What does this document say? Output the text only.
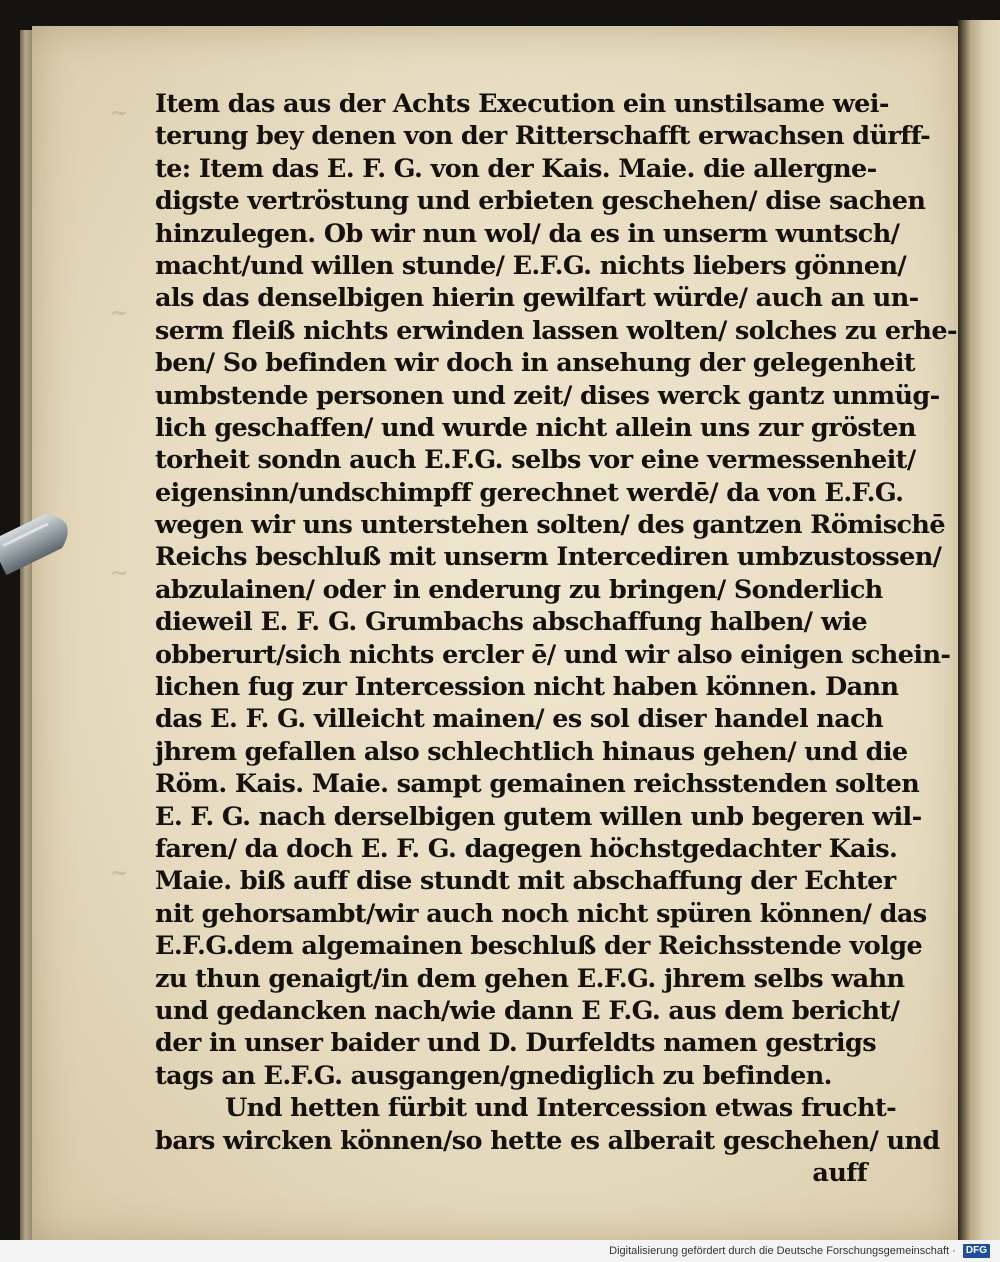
~
~
~
~
Item das aus der Achts Execution ein unstilsame wei-
terung bey denen von der Ritterschafft erwachsen dürff-
te: Item das E. F. G. von der Kais. Maie. die allergne-
digste vertröstung und erbieten geschehen/ dise sachen
hinzulegen. Ob wir nun wol/ da es in unserm wuntsch/
macht/und willen stunde/ E.F.G. nichts liebers gönnen/
als das denselbigen hierin gewilfart würde/ auch an un-
serm fleiß nichts erwinden lassen wolten/ solches zu erhe-
ben/ So befinden wir doch in ansehung der gelegenheit
umbstende personen und zeit/ dises werck gantz unmüg-
lich geschaffen/ und wurde nicht allein uns zur grösten
torheit sondn auch E.F.G. selbs vor eine vermessenheit/
eigensinn/undschimpff gerechnet werdē/ da von E.F.G.
wegen wir uns unterstehen solten/ des gantzen Römischē
Reichs beschluß mit unserm Intercediren umbzustossen/
abzulainen/ oder in enderung zu bringen/ Sonderlich
dieweil E. F. G. Grumbachs abschaffung halben/ wie
obberurt/sich nichts ercler ē/ und wir also einigen schein-
lichen fug zur Intercession nicht haben können. Dann
das E. F. G. villeicht mainen/ es sol diser handel nach
jhrem gefallen also schlechtlich hinaus gehen/ und die
Röm. Kais. Maie. sampt gemainen reichsstenden solten
E. F. G. nach derselbigen gutem willen unb begeren wil-
faren/ da doch E. F. G. dagegen höchstgedachter Kais.
Maie. biß auff dise stundt mit abschaffung der Echter
nit gehorsambt/wir auch noch nicht spüren können/ das
E.F.G.dem algemainen beschluß der Reichsstende volge
zu thun genaigt/in dem gehen E.F.G. jhrem selbs wahn
und gedancken nach/wie dann E F.G. aus dem bericht/
der in unser baider und D. Durfeldts namen gestrigs
tags an E.F.G. ausgangen/gnediglich zu befinden.
Und hetten fürbit und Intercession etwas frucht-
bars wircken können/so hette es alberait geschehen/ und
auff
Digitalisierung gefördert durch die Deutsche Forschungsgemeinschaft · DFG
